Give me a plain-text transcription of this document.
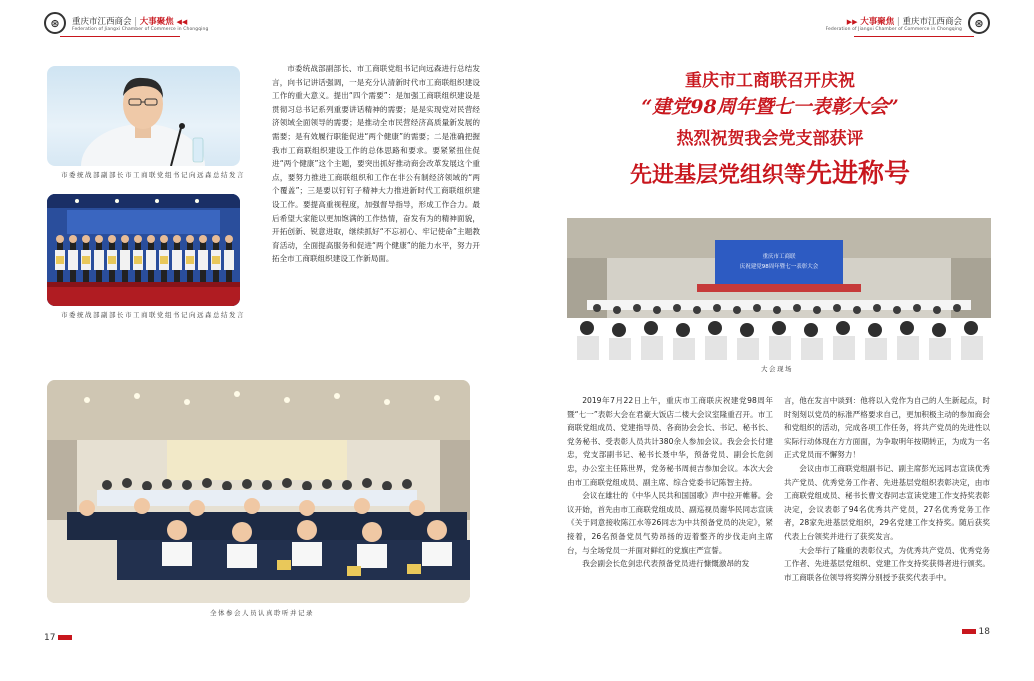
⊛	重庆市江西商会 | 大事聚焦 ◀◀
Federation of Jiangxi Chamber of Commerce in Chongqing
▶▶ 大事聚焦 | 重庆市江西商会
Federation of Jiangxi Chamber of Commerce in Chongqing	⊛
市委统战部副部长市工商联党组书记向远森总结发言
市委统战部副部长市工商联党组书记向远森总结发言

市委统战部副部长、市工商联党组书记向远森进行总结发言，向书记讲话强调，一是充分认清新时代市工商联组织建设工作的重大意义。提出“四个需要”：是加强工商联组织建设是贯彻习总书记系列重要讲话精神的需要；是是实现党对民营经济领域全面领导的需要；是推动全市民营经济高质量新发展的需要；是有效履行职能促进“两个健康”的需要；二是准确把握我市工商联组织建设工作的总体思路和要求。要紧紧扭住促进“两个健康”这个主题，要突出抓好推动商会改革发展这个重点，要努力推进工商联组织和工作在非公有制经济领域的“两个覆盖”；三是要以钉钉子精神大力推进新时代工商联组织建设工作。要提高重视程度，加强督导指导，形成工作合力。最后希望大家能以更加饱满的工作热情，奋发有为的精神面貌，开拓创新、锐意进取，继续抓好“不忘初心、牢记使命”主题教育活动，全面提高服务和促进“两个健康”的能力水平，努力开拓全市工商联组织建设工作新局面。

全体参会人员认真聆听并记录
重庆市工商联召开庆祝
“建党98周年暨七一表彰大会”
热烈祝贺我会党支部获评
先进基层党组织等先进称号
重庆市工商联
庆祝建党98周年暨七一表彰大会
大会现场

2019年7月22日上午，重庆市工商联庆祝建党98周年暨“七一”表彰大会在君豪大饭店二楼大会议室隆重召开。市工商联党组成员、党建指导员、各商协会会长、书记、秘书长、党务秘书、受表彰人员共计380余人参加会议。我会会长付建忠，党支部副书记、秘书长聂中华，预备党员、副会长危剑忠，办公室主任陈世界，党务秘书周昶吉参加会议。本次大会由市工商联党组成员、副主席、综合党委书记陈智主持。

会议在雄壮的《中华人民共和国国歌》声中拉开帷幕。会议开始，首先由市工商联党组成员、副巡视员谢华民同志宣读《关于同意接收陈江水等26同志为中共预备党员的决定》，紧接着，26名预备党员气势昂扬的迈着整齐的步伐走向主席台，与全场党员一并面对鲜红的党旗庄严宣誓。

我会副会长危剑忠代表预备党员进行慷慨激昂的发

言，他在发言中谈到：他将以入党作为自己的人生新起点，时时刻刻以党员的标准严格要求自己，更加积极主动的参加商会和党组织的活动，完成各项工作任务，将共产党员的先进性以实际行动体现在方方面面，为争取明年按期转正，为成为一名正式党员而不懈努力！

会议由市工商联党组副书记、副主席彭光远同志宣读优秀共产党员、优秀党务工作者、先进基层党组织表彰决定，由市工商联党组成员、秘书长曹文春同志宣读党建工作支持奖表彰决定，会议表彰了94名优秀共产党员，27名优秀党务工作者，28家先进基层党组织，29名党建工作支持奖。随后获奖代表上台领奖并进行了获奖发言。

大会举行了隆重的表彰仪式，为优秀共产党员、优秀党务工作者、先进基层党组织、党建工作支持奖获得者进行颁奖。市工商联各位领导将奖牌分别授予获奖代表手中。

17
18
